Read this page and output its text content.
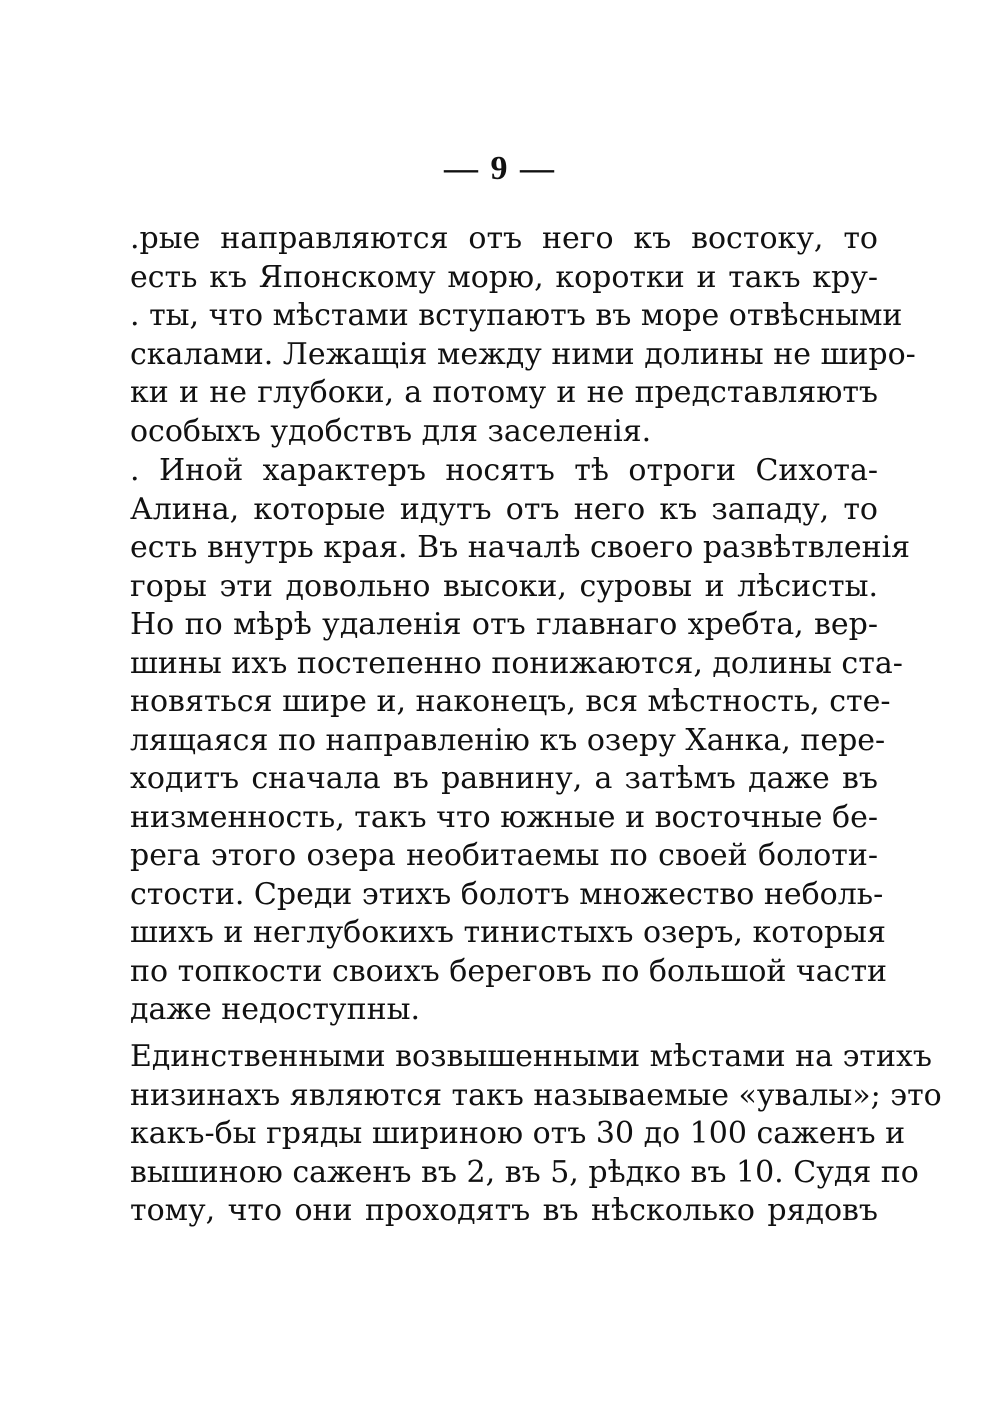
— 9 —
.рые направляются отъ него къ востоку, то
есть къ Японскому морю, коротки и такъ кру-
. ты, что мѣстами вступаютъ въ море отвѣсными
скалами. Лежащія между ними долины не широ-
ки и не глубоки, а потому и не представляютъ
особыхъ удобствъ для заселенія.
. Иной характеръ носятъ тѣ отроги Сихота-
Алина, которые идутъ отъ него къ западу, то
есть внутрь края. Въ началѣ своего развѣтвленія
горы эти довольно высоки, суровы и лѣсисты.
Но по мѣрѣ удаленія отъ главнаго хребта, вер-
шины ихъ постепенно понижаются, долины ста-
новяться шире и, наконецъ, вся мѣстность, сте-
лящаяся по направленію къ озеру Ханка, пере-
ходитъ сначала въ равнину, а затѣмъ даже въ
низменность, такъ что южные и восточные бе-
рега этого озера необитаемы по своей болоти-
стости. Среди этихъ болотъ множество неболь-
шихъ и неглубокихъ тинистыхъ озеръ, которыя
по топкости своихъ береговъ по большой части
даже недоступны.
Единственными возвышенными мѣстами на этихъ
низинахъ являются такъ называемые «увалы»; это
какъ-бы гряды шириною отъ 30 до 100 саженъ и
вышиною саженъ въ 2, въ 5, рѣдко въ 10. Судя по
тому, что они проходятъ въ нѣсколько рядовъ
